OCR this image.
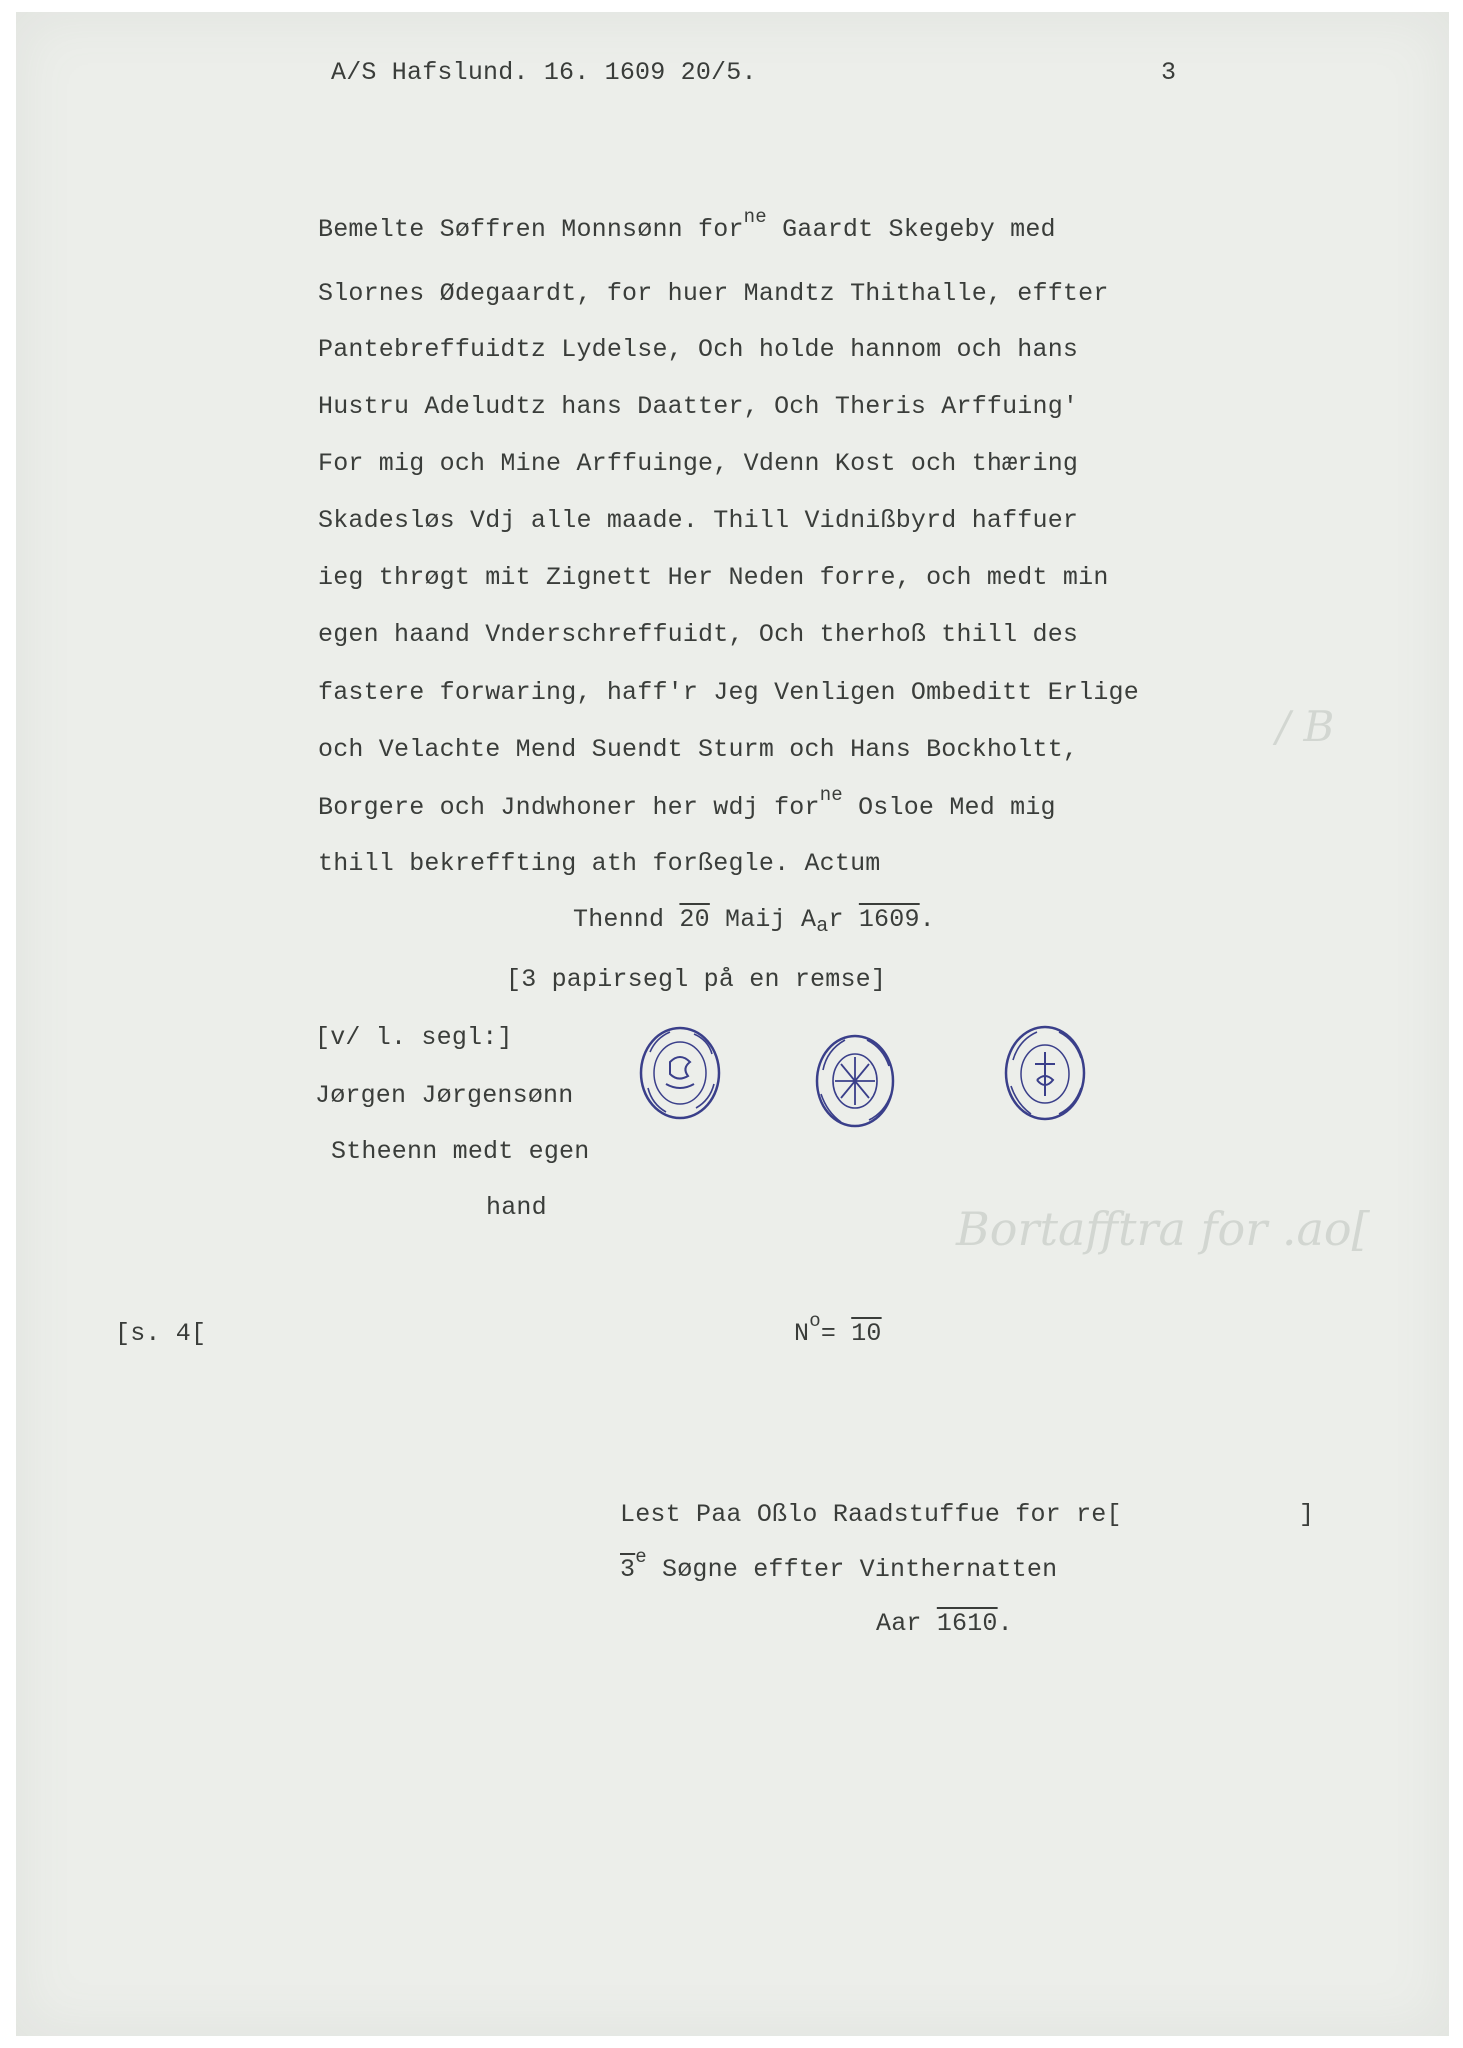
Bortafftra for .ao[
/ B
A/S Hafslund. 16. 1609 20/5.	3
Bemelte Søffren Monnsønn for$^{ne}$ Gaardt Skegeby med
Slornes Ødegaardt, for huer Mandtz Thithalle, effter
Pantebreffuidtz Lydelse, Och holde hannom och hans
Hustru Adeludtz hans Daatter, Och Theris Arffuing'
For mig och Mine Arffuinge, Vdenn Kost och thæring
Skadesløs Vdj alle maade. Thill Vidnißbyrd haffuer
ieg thrøgt mit Zignett Her Neden forre, och medt min
egen haand Vnderschreffuidt, Och therhoß thill des
fastere forwaring, haff'r Jeg Venligen Ombeditt Erlige
och Velachte Mend Suendt Sturm och Hans Bockholtt,
Borgere och Jndwhoner her wdj for$^{ne}$ Osloe Med mig
thill bekreffting ath forßegle. Actum
Thennd 20 Maij $A_ar$ 1609.
[3 papirsegl på en remse]
[v/ l. segl:]
Jørgen Jørgensønn
Stheenn medt egen
hand
[s. 4[	$N^o= 10$
Lest Paa Oßlo Raadstuffue for re[	]
3e Søgne effter Vinthernatten
Aar 1610.
